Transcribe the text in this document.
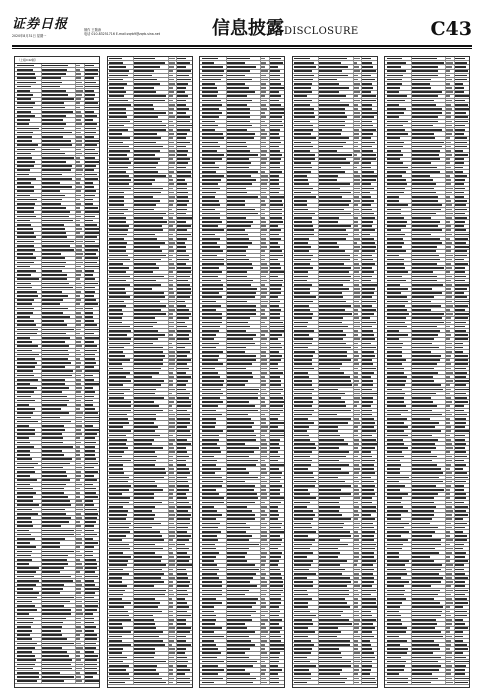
证券日报
2020年8月31日 星期一
制作 王敬涛
电话 010-83251716 E-mail:zqrb9@zqrb.sina.net	信息披露DISCLOSURE	C43
（上接C42版）
